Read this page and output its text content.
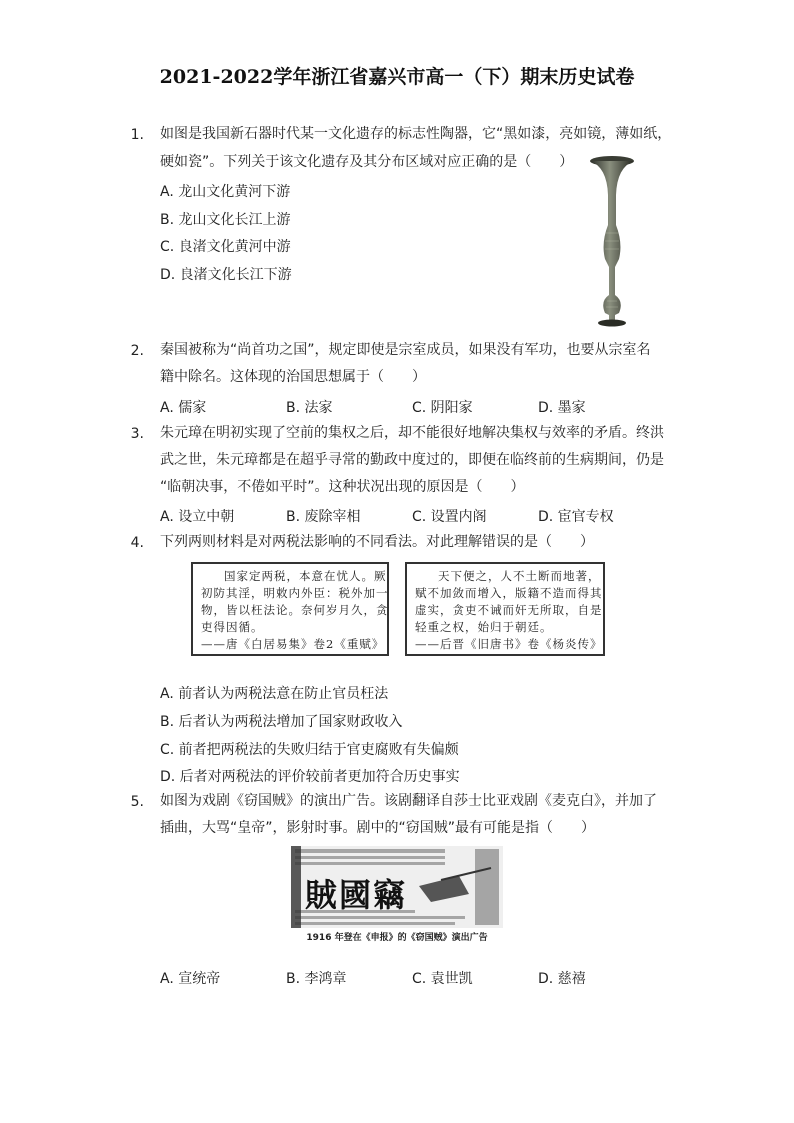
2021-2022学年浙江省嘉兴市高一（下）期末历史试卷
1. 如图是我国新石器时代某一文化遗存的标志性陶器，它“黑如漆，亮如镜，薄如纸，
硬如瓷”。下列关于该文化遗存及其分布区域对应正确的是（　　）
A. 龙山文化黄河下游
B. 龙山文化长江上游
C. 良渚文化黄河中游
D. 良渚文化长江下游
2. 秦国被称为“尚首功之国”，规定即使是宗室成员，如果没有军功，也要从宗室名
籍中除名。这体现的治国思想属于（　　）
A. 儒家	B. 法家	C. 阴阳家	D. 墨家
3. 朱元璋在明初实现了空前的集权之后，却不能很好地解决集权与效率的矛盾。终洪
武之世，朱元璋都是在超乎寻常的勤政中度过的，即便在临终前的生病期间，仍是
“临朝决事，不倦如平时”。这种状况出现的原因是（　　）
A. 设立中朝	B. 废除宰相	C. 设置内阁	D. 宦官专权
4. 下列两则材料是对两税法影响的不同看法。对此理解错误的是（　　）

国家定两税，本意在忧人。厥

初防其淫，明敕内外臣：税外加一

物，皆以枉法论。奈何岁月久，贪

吏得因循。

——唐《白居易集》卷2《重赋》

天下便之，人不土断而地著，

赋不加敛而增入，版籍不造而得其

虚实，贪吏不诫而奸无所取，自是

轻重之权，始归于朝廷。

——后晋《旧唐书》卷《杨炎传》

A. 前者认为两税法意在防止官员枉法
B. 后者认为两税法增加了国家财政收入
C. 前者把两税法的失败归结于官吏腐败有失偏颇
D. 后者对两税法的评价较前者更加符合历史事实
5. 如图为戏剧《窃国贼》的演出广告。该剧翻译自莎士比亚戏剧《麦克白》，并加了
插曲，大骂“皇帝”，影射时事。剧中的“窃国贼”最有可能是指（　　）
賊國竊
1916 年登在《申报》的《窃国贼》演出广告
A. 宣统帝	B. 李鸿章	C. 袁世凯	D. 慈禧
